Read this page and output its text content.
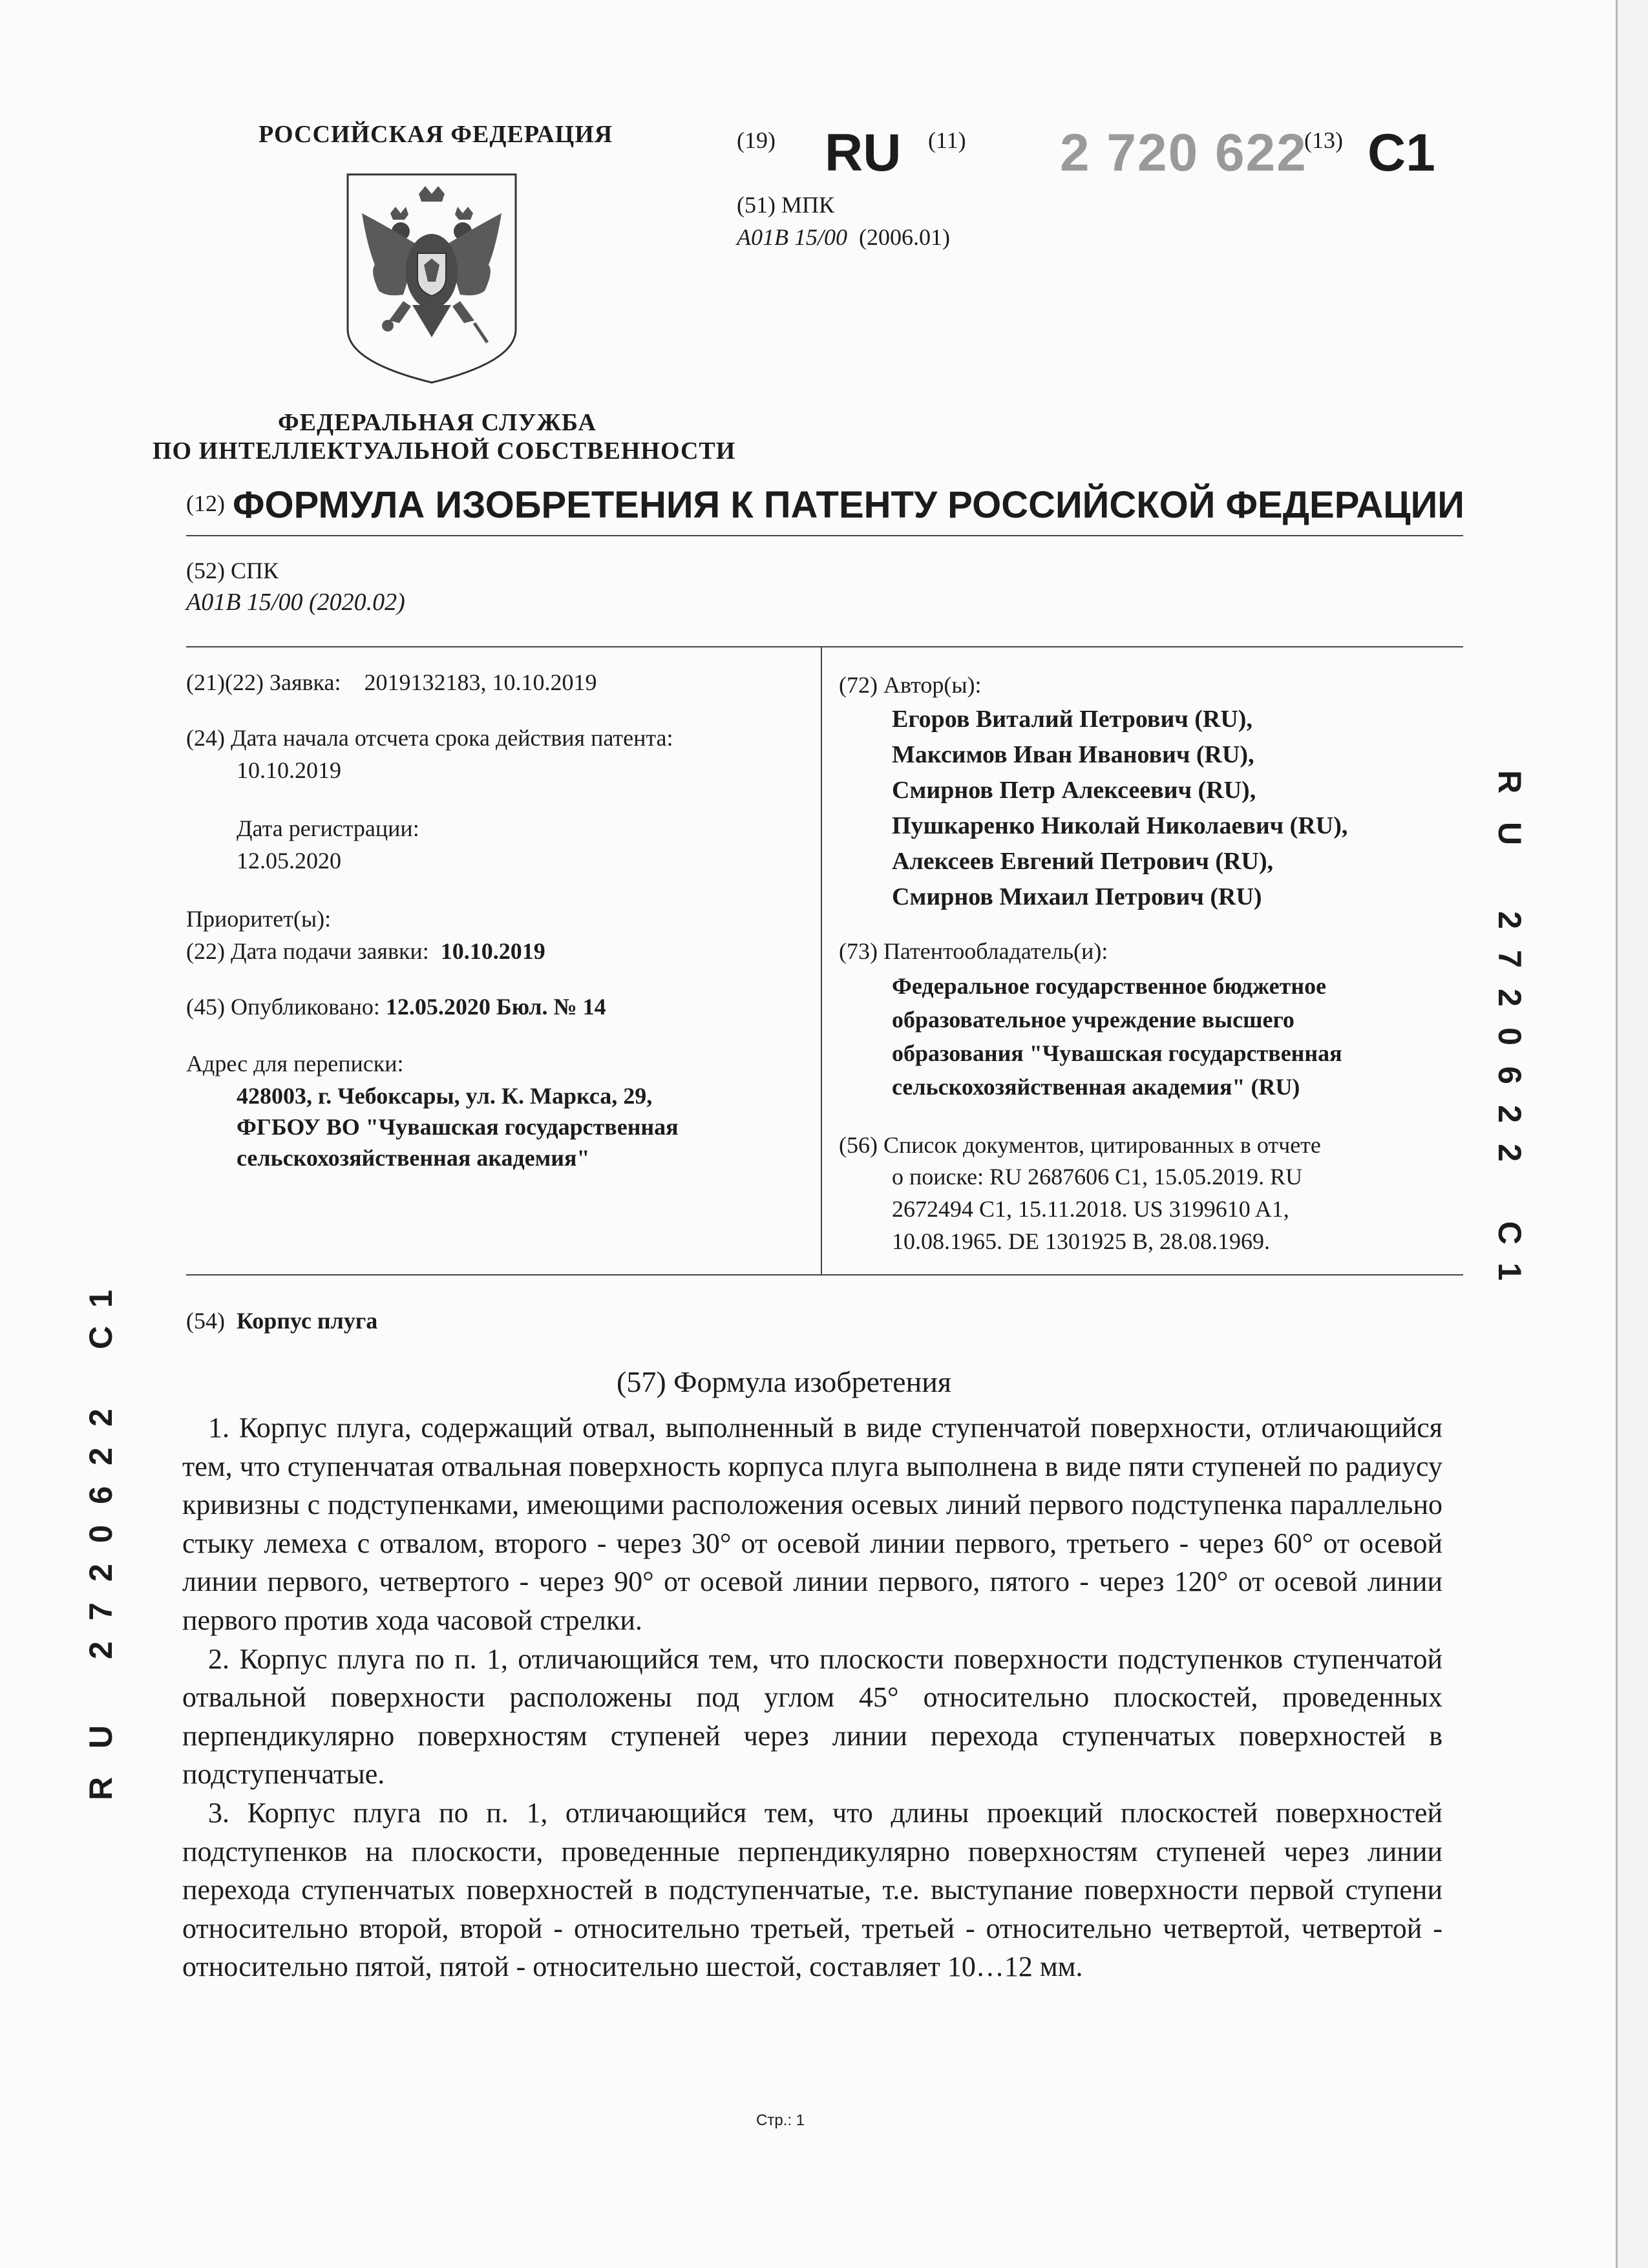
РОССИЙСКАЯ ФЕДЕРАЦИЯ
ФЕДЕРАЛЬНАЯ СЛУЖБА
ПО ИНТЕЛЛЕКТУАЛЬНОЙ СОБСТВЕННОСТИ
(19) RU (11) 2 720 622
(13) C1
(51) МПК
A01B 15/00 (2006.01)
(12) ФОРМУЛА ИЗОБРЕТЕНИЯ К ПАТЕНТУ РОССИЙСКОЙ ФЕДЕРАЦИИ
(52) СПК
A01B 15/00 (2020.02)
(21)(22) Заявка: 2019132183, 10.10.2019
(24) Дата начала отсчета срока действия патента:
10.10.2019
Дата регистрации:
12.05.2020
Приоритет(ы):
(22) Дата подачи заявки: 10.10.2019
(45) Опубликовано: 12.05.2020 Бюл. № 14
Адрес для переписки:
428003, г. Чебоксары, ул. К. Маркса, 29,
ФГБОУ ВО "Чувашская государственная
сельскохозяйственная академия"
(72) Автор(ы):
Егоров Виталий Петрович (RU),
Максимов Иван Иванович (RU),
Смирнов Петр Алексеевич (RU),
Пушкаренко Николай Николаевич (RU),
Алексеев Евгений Петрович (RU),
Смирнов Михаил Петрович (RU)
(73) Патентообладатель(и):
Федеральное государственное бюджетное
образовательное учреждение высшего
образования "Чувашская государственная
сельскохозяйственная академия" (RU)
(56) Список документов, цитированных в отчете
о поиске: RU 2687606 C1, 15.05.2019. RU
2672494 C1, 15.11.2018. US 3199610 A1,
10.08.1965. DE 1301925 B, 28.08.1969.
(54) Корпус плуга
(57) Формула изобретения

1. Корпус плуга, содержащий отвал, выполненный в виде ступенчатой поверхности, отличающийся тем, что ступенчатая отвальная поверхность корпуса плуга выполнена в виде пяти ступеней по радиусу кривизны с подступенками, имеющими расположения осевых линий первого подступенка параллельно стыку лемеха с отвалом, второго - через 30° от осевой линии первого, третьего - через 60° от осевой линии первого, четвертого - через 90° от осевой линии первого, пятого - через 120° от осевой линии первого против хода часовой стрелки.

2. Корпус плуга по п. 1, отличающийся тем, что плоскости поверхности подступенков ступенчатой отвальной поверхности расположены под углом 45° относительно плоскостей, проведенных перпендикулярно поверхностям ступеней через линии перехода ступенчатых поверхностей в подступенчатые.

3. Корпус плуга по п. 1, отличающийся тем, что длины проекций плоскостей поверхностей подступенков на плоскости, проведенные перпендикулярно поверхностям ступеней через линии перехода ступенчатых поверхностей в подступенчатые, т.е. выступание поверхности первой ступени относительно второй, второй - относительно третьей, третьей - относительно четвертой, четвертой - относительно пятой, пятой - относительно шестой, составляет 10…12 мм.

R
U
2
7
2
0
6
2
2
C
1
1
C
2
2
6
0
2
7
2
U
R
Стр.: 1
